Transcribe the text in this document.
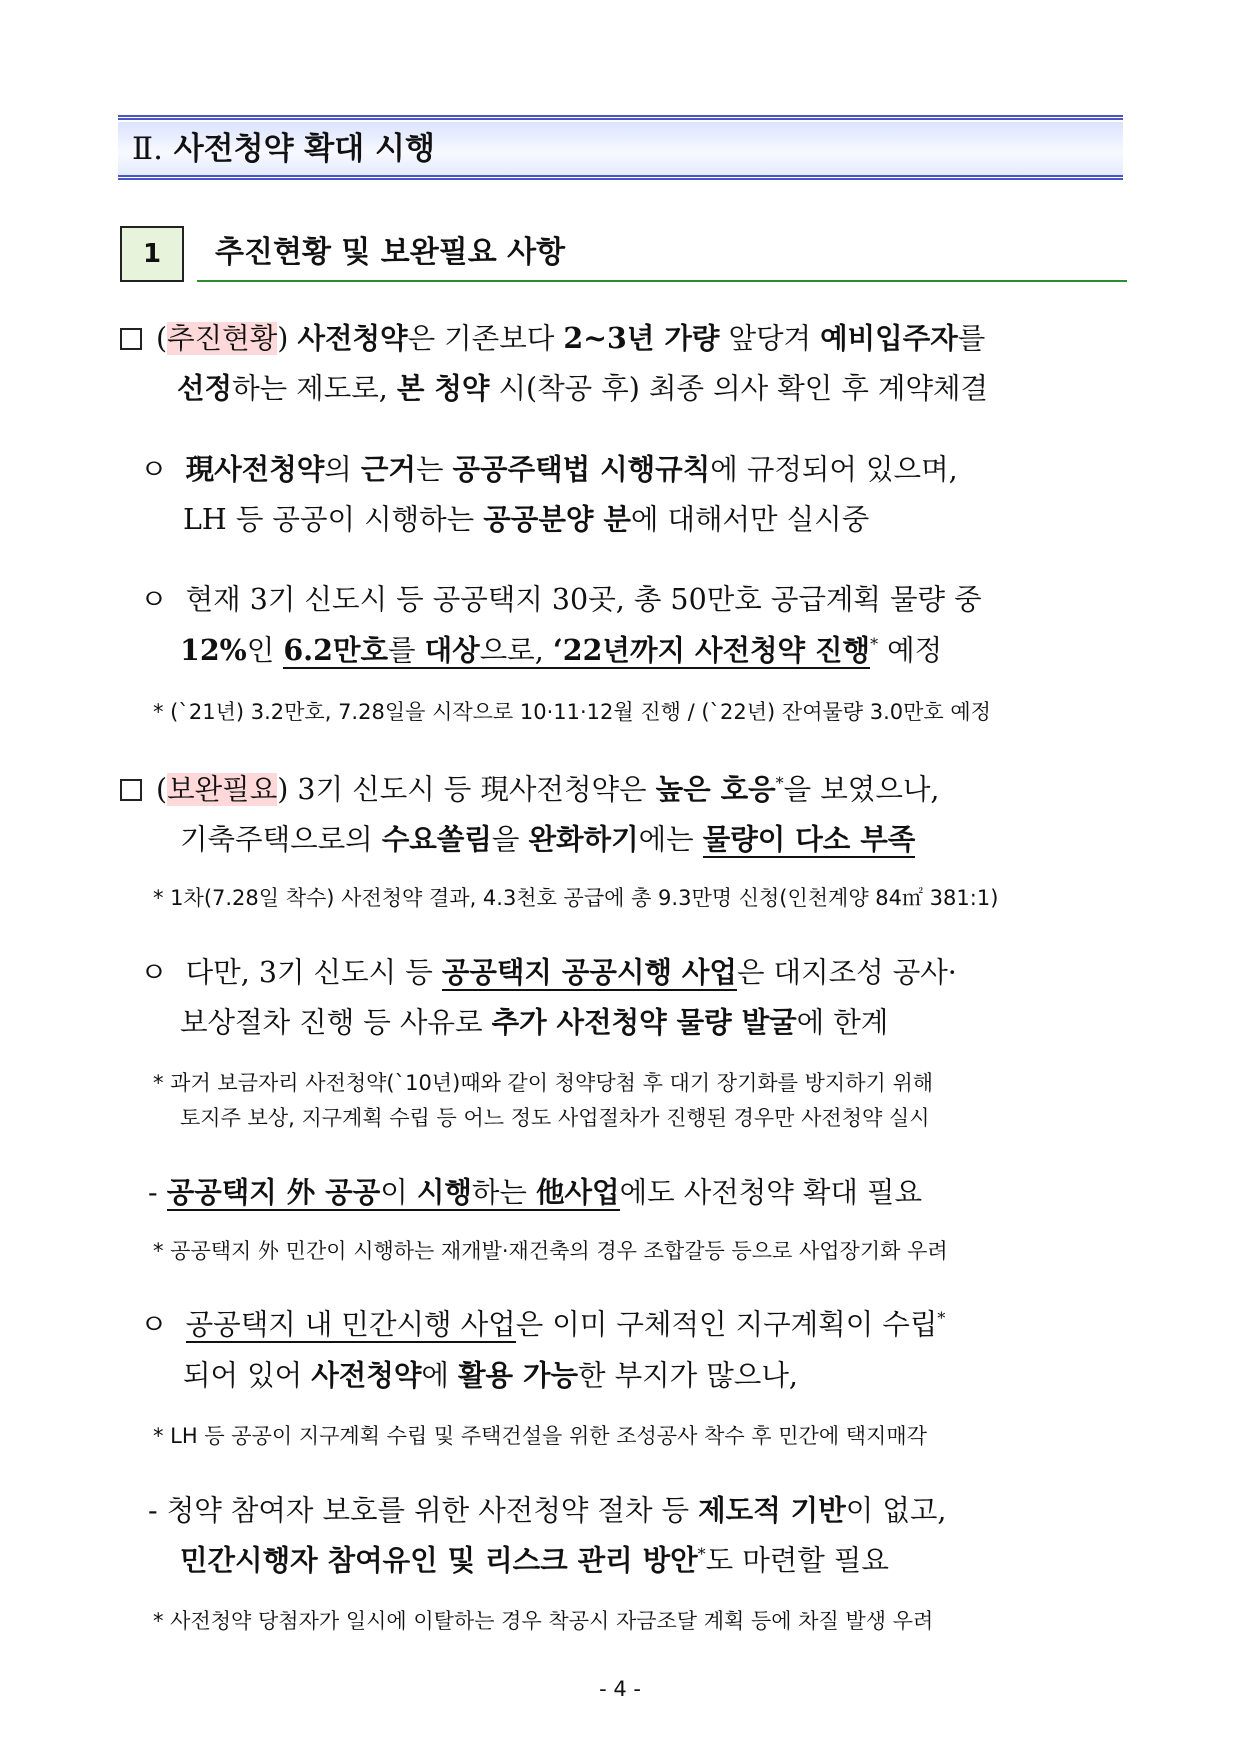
Ⅱ. 사전청약 확대 시행
1	추진현황 및 보완필요 사항
(추진현황) 사전청약은 기존보다 2~3년 가량 앞당겨 예비입주자를
선정하는 제도로, 본 청약 시(착공 후) 최종 의사 확인 후 계약체결
ㅇ 現사전청약의 근거는 공공주택법 시행규칙에 규정되어 있으며,
LH 등 공공이 시행하는 공공분양 분에 대해서만 실시중
ㅇ 현재 3기 신도시 등 공공택지 30곳, 총 50만호 공급계획 물량 중
12%인 6.2만호를 대상으로, ‘22년까지 사전청약 진행* 예정
* (`21년) 3.2만호, 7.28일을 시작으로 10·11·12월 진행 / (`22년) 잔여물량 3.0만호 예정
(보완필요) 3기 신도시 등 現사전청약은 높은 호응*을 보였으나,
기축주택으로의 수요쏠림을 완화하기에는 물량이 다소 부족
* 1차(7.28일 착수) 사전청약 결과, 4.3천호 공급에 총 9.3만명 신청(인천계양 84㎡ 381:1)
ㅇ 다만, 3기 신도시 등 공공택지 공공시행 사업은 대지조성 공사·
보상절차 진행 등 사유로 추가 사전청약 물량 발굴에 한계
* 과거 보금자리 사전청약(`10년)때와 같이 청약당첨 후 대기 장기화를 방지하기 위해
토지주 보상, 지구계획 수립 등 어느 정도 사업절차가 진행된 경우만 사전청약 실시
- 공공택지 外 공공이 시행하는 他사업에도 사전청약 확대 필요
* 공공택지 外 민간이 시행하는 재개발·재건축의 경우 조합갈등 등으로 사업장기화 우려
ㅇ 공공택지 내 민간시행 사업은 이미 구체적인 지구계획이 수립*
되어 있어 사전청약에 활용 가능한 부지가 많으나,
* LH 등 공공이 지구계획 수립 및 주택건설을 위한 조성공사 착수 후 민간에 택지매각
- 청약 참여자 보호를 위한 사전청약 절차 등 제도적 기반이 없고,
민간시행자 참여유인 및 리스크 관리 방안*도 마련할 필요
* 사전청약 당첨자가 일시에 이탈하는 경우 착공시 자금조달 계획 등에 차질 발생 우려
- 4 -
